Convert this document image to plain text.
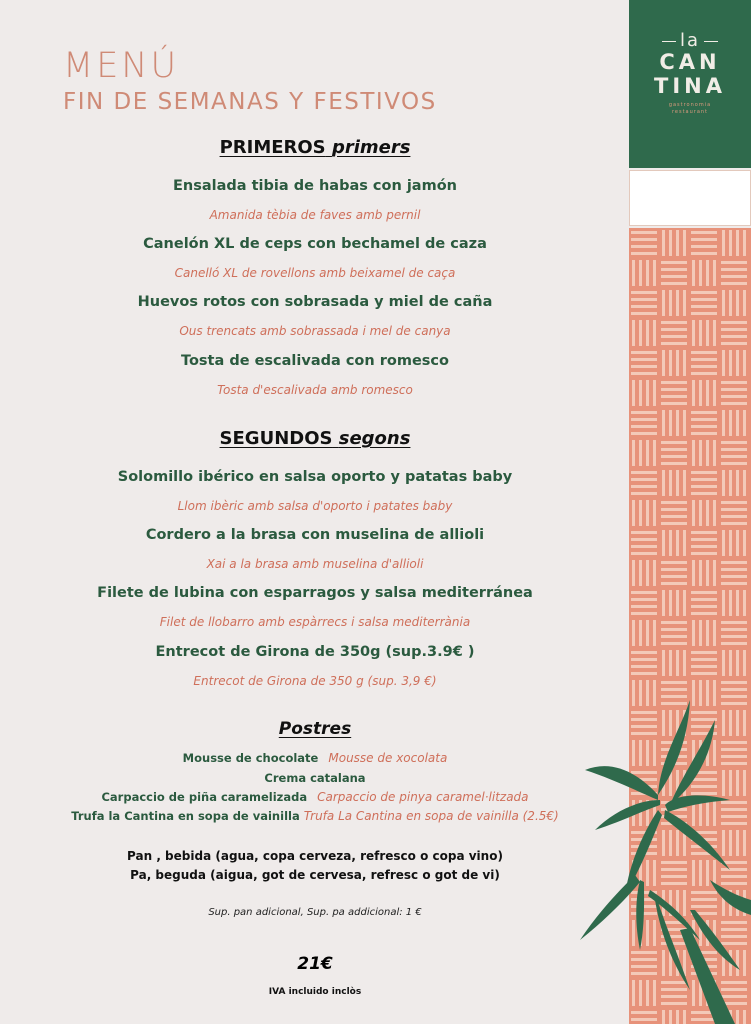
la
CAN
TINA
gastronomia
restaurant
MENÚ
FIN DE SEMANAS Y FESTIVOS
PRIMEROS primers
Ensalada tibia de habas con jamón
Amanida tèbia de faves amb pernil
Canelón XL de ceps con bechamel de caza
Canelló XL de rovellons amb beixamel de caça
Huevos rotos con sobrasada y miel de caña
Ous trencats amb sobrassada i mel de canya
Tosta de escalivada con romesco
Tosta d'escalivada amb romesco
SEGUNDOS segons
Solomillo ibérico en salsa oporto y patatas baby
Llom ibèric amb salsa d'oporto i patates baby
Cordero a la brasa con muselina de allioli
Xai a la brasa amb muselina d'allioli
Filete de lubina con esparragos y salsa mediterránea
Filet de llobarro amb espàrrecs i salsa mediterrània
Entrecot de Girona de 350g (sup.3.9€ )
Entrecot de Girona de 350 g (sup. 3,9 €)
Postres
Mousse de chocolate Mousse de xocolata
Crema catalana
Carpaccio de piña caramelizada Carpaccio de pinya caramel·litzada
Trufa la Cantina en sopa de vainilla Trufa La Cantina en sopa de vainilla (2.5€)
Pan , bebida (agua, copa cerveza, refresco o copa vino)
Pa, beguda (aigua, got de cervesa, refresc o got de vi)
Sup. pan adicional, Sup. pa addicional: 1 €
21€
IVA incluido inclòs
